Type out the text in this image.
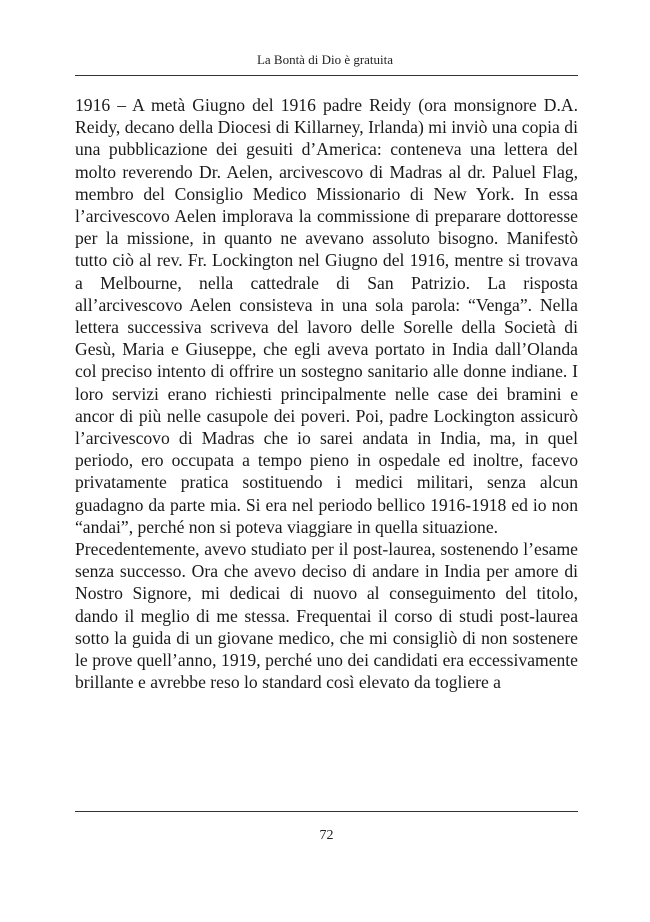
La Bontà di Dio è gratuita

1916 – A metà Giugno del 1916 padre Reidy (ora monsignore D.A. Reidy, decano della Diocesi di Killarney, Irlanda) mi inviò una copia di una pubblicazione dei gesuiti d’America: conteneva una lettera del molto reverendo Dr. Aelen, arcivescovo di Madras al dr. Paluel Flag, membro del Consiglio Medico Missionario di New York. In essa l’arcivescovo Aelen implorava la commissione di preparare dottoresse per la missione, in quanto ne avevano assoluto bisogno. Manifestò tutto ciò al rev. Fr. Lockington nel Giugno del 1916, mentre si trovava a Melbourne, nella cattedrale di San Patrizio. La risposta all’arcivescovo Aelen consisteva in una sola parola: “Venga”. Nella lettera successiva scriveva del lavoro delle Sorelle della Società di Gesù, Maria e Giuseppe, che egli aveva portato in India dall’Olanda col preciso intento di offrire un sostegno sanitario alle donne indiane. I loro servizi erano richiesti principalmente nelle case dei bramini e ancor di più nelle casupole dei poveri. Poi, padre Lockington assicurò l’arcivescovo di Madras che io sarei andata in India, ma, in quel periodo, ero occupata a tempo pieno in ospedale ed inoltre, facevo privatamente pratica sostituendo i medici militari, senza alcun guadagno da parte mia. Si era nel periodo bellico 1916-1918 ed io non “andai”, perché non si poteva viaggiare in quella situazione.

Precedentemente, avevo studiato per il post-laurea, sostenendo l’esame senza successo. Ora che avevo deciso di andare in India per amore di Nostro Signore, mi dedicai di nuovo al conseguimento del titolo, dando il meglio di me stessa. Frequentai il corso di studi post-laurea sotto la guida di un giovane medico, che mi consigliò di non sostenere le prove quell’anno, 1919, perché uno dei candidati era eccessivamente brillante e avrebbe reso lo standard così elevato da togliere a

72
